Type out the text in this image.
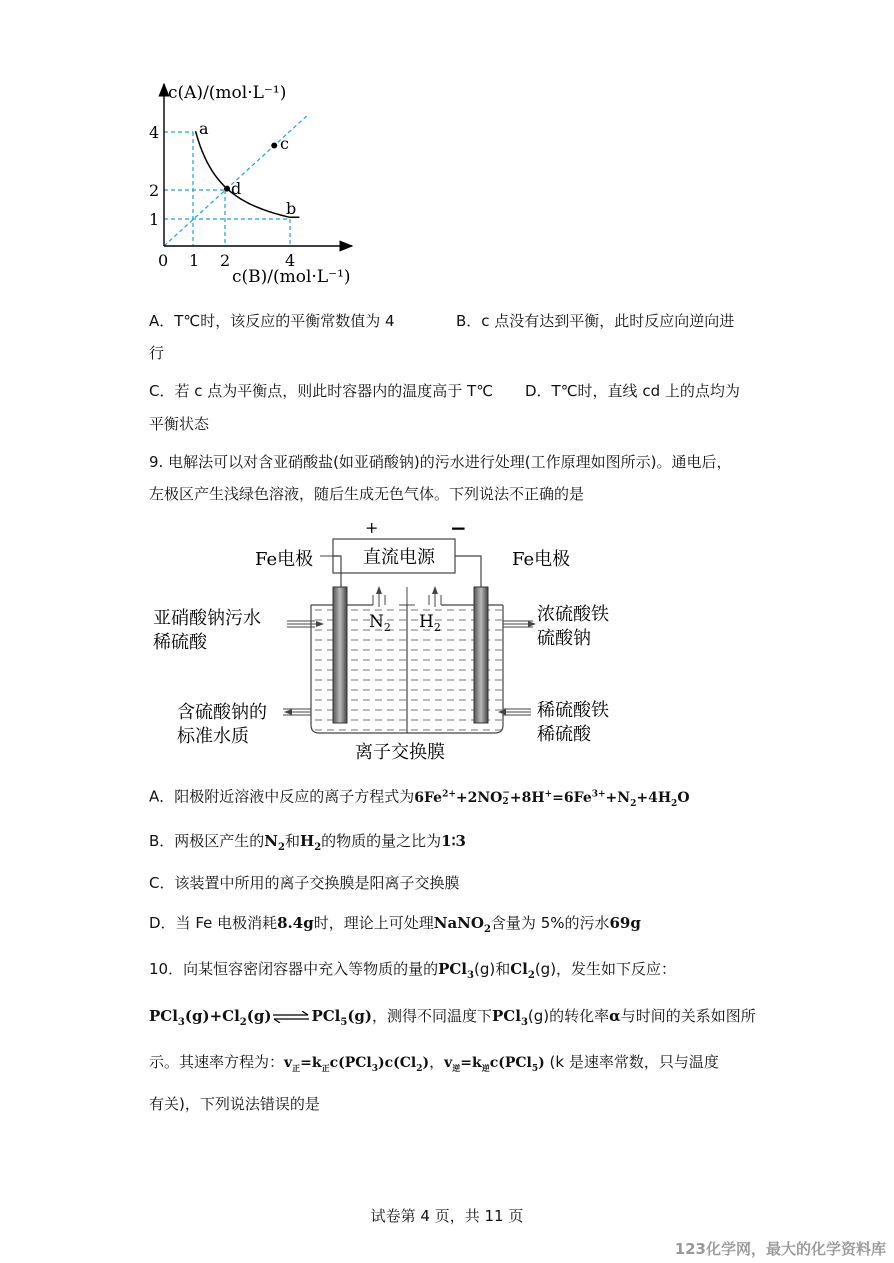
c(A)/(mol·L⁻¹)
c(B)/(mol·L⁻¹)
0 1 2	4
4
2
1
a
b
c
d
A．T℃时，该反应的平衡常数值为 4	B．c 点没有达到平衡，此时反应向逆向进
行
C．若 c 点为平衡点，则此时容器内的温度高于 T℃ D．T℃时，直线 cd 上的点均为
平衡状态
9. 电解法可以对含亚硝酸盐(如亚硝酸钠)的污水进行处理(工作原理如图所示)。通电后，
左极区产生浅绿色溶液，随后生成无色气体。下列说法不正确的是
+	−
直流电源
Fe电极	Fe电极
亚硝酸钠污水
稀硫酸
含硫酸钠的
标准水质
浓硫酸铁
硫酸钠
稀硫酸铁
稀硫酸
$N_2$ $H_2$
离子交换膜
A．阳极附近溶液中反应的离子方程式为$6Fe^{2+}+2NO$ −
$2 +8H^+=6Fe^{3+}+N_2+4H_2O$
B．两极区产生的$N_2$和$H_2$的物质的量之比为1∶3
C．该装置中所用的离子交换膜是阳离子交换膜
D．当 Fe 电极消耗8.4g时，理论上可处理NaNO$_2$含量为 5%的污水69g
10．向某恒容密闭容器中充入等物质的量的PCl$_3$(g)和$Cl_2(g)$，发生如下反应：
$PCl_3(g)+Cl_2(g)\rightleftharpoons PCl_5(g)$，测得不同温度下PCl$_3$(g)的转化率α与时间的关系如图所
示。其速率方程为：$v_正=k_正c(PCl_3)c(Cl_2)$，$v_逆=k_逆c(PCl_5)$ (k 是速率常数，只与温度
有关)，下列说法错误的是
试卷第 4 页，共 11 页
123化学网，最大的化学资料库
